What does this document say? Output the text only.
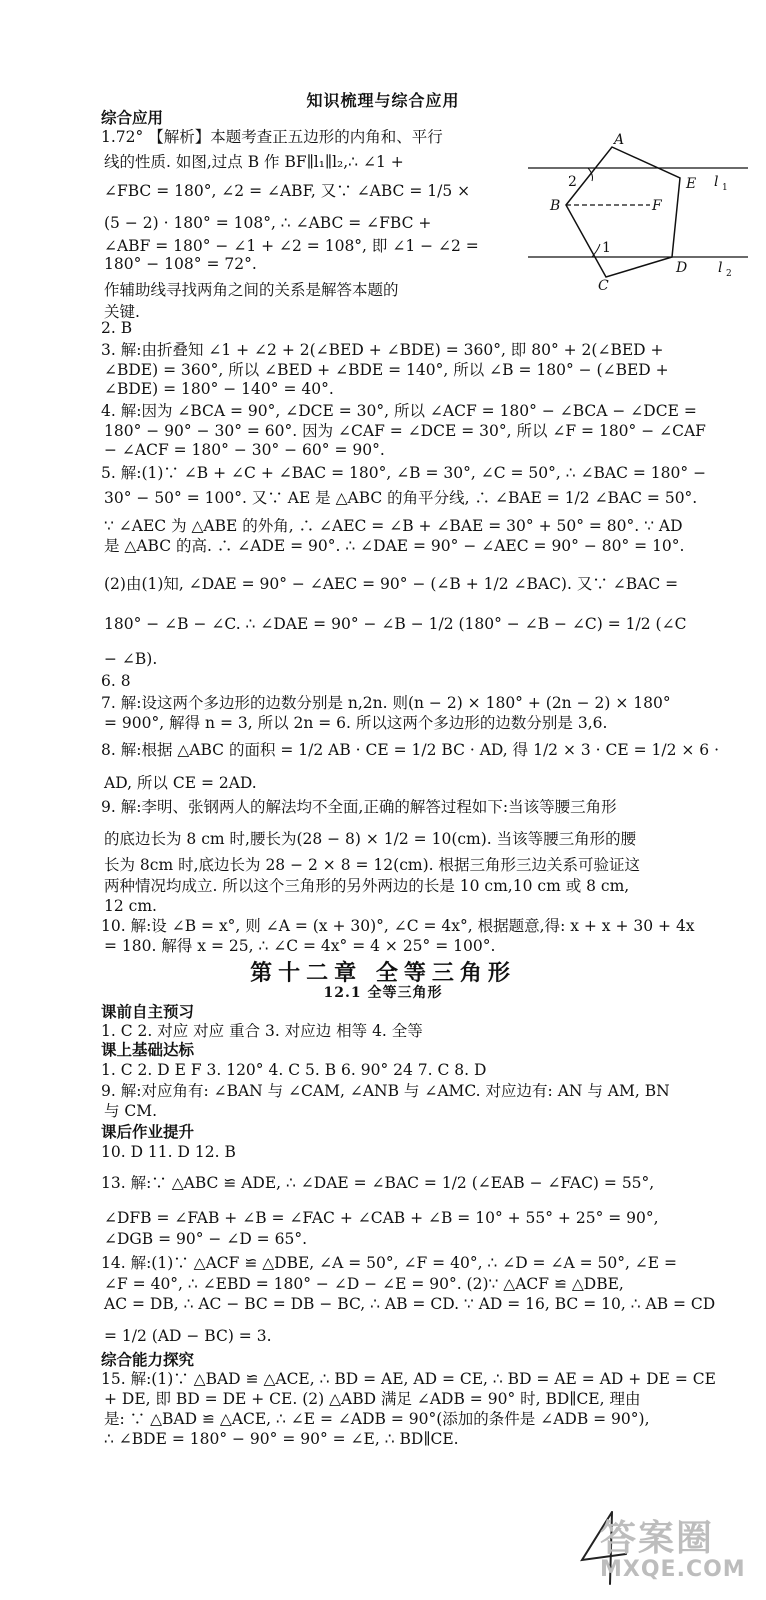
知识梳理与综合应用
综合应用
1.72° 【解析】本题考查正五边形的内角和、平行
线的性质. 如图,过点 B 作 BF∥l₁∥l₂,∴ ∠1 +
∠FBC = 180°, ∠2 = ∠ABF, 又∵ ∠ABC = 1/5 ×
(5 − 2) · 180° = 108°, ∴ ∠ABC = ∠FBC +
∠ABF = 180° − ∠1 + ∠2 = 108°, 即 ∠1 − ∠2 =
180° − 108° = 72°.
作辅助线寻找两角之间的关系是解答本题的
关键.
2. B
3. 解:由折叠知 ∠1 + ∠2 + 2(∠BED + ∠BDE) = 360°, 即 80° + 2(∠BED +
∠BDE) = 360°, 所以 ∠BED + ∠BDE = 140°, 所以 ∠B = 180° − (∠BED +
∠BDE) = 180° − 140° = 40°.
4. 解:因为 ∠BCA = 90°, ∠DCE = 30°, 所以 ∠ACF = 180° − ∠BCA − ∠DCE =
180° − 90° − 30° = 60°. 因为 ∠CAF = ∠DCE = 30°, 所以 ∠F = 180° − ∠CAF
− ∠ACF = 180° − 30° − 60° = 90°.
5. 解:(1)∵ ∠B + ∠C + ∠BAC = 180°, ∠B = 30°, ∠C = 50°, ∴ ∠BAC = 180° −
30° − 50° = 100°. 又∵ AE 是 △ABC 的角平分线, ∴ ∠BAE = 1/2 ∠BAC = 50°.
∵ ∠AEC 为 △ABE 的外角, ∴ ∠AEC = ∠B + ∠BAE = 30° + 50° = 80°. ∵ AD
是 △ABC 的高. ∴ ∠ADE = 90°. ∴ ∠DAE = 90° − ∠AEC = 90° − 80° = 10°.
(2)由(1)知, ∠DAE = 90° − ∠AEC = 90° − (∠B + 1/2 ∠BAC). 又∵ ∠BAC =
180° − ∠B − ∠C. ∴ ∠DAE = 90° − ∠B − 1/2 (180° − ∠B − ∠C) = 1/2 (∠C
− ∠B).
6. 8
7. 解:设这两个多边形的边数分别是 n,2n. 则(n − 2) × 180° + (2n − 2) × 180°
= 900°, 解得 n = 3, 所以 2n = 6. 所以这两个多边形的边数分别是 3,6.
8. 解:根据 △ABC 的面积 = 1/2 AB · CE = 1/2 BC · AD, 得 1/2 × 3 · CE = 1/2 × 6 ·
AD, 所以 CE = 2AD.
9. 解:李明、张钢两人的解法均不全面,正确的解答过程如下:当该等腰三角形
的底边长为 8 cm 时,腰长为(28 − 8) × 1/2 = 10(cm). 当该等腰三角形的腰
长为 8cm 时,底边长为 28 − 2 × 8 = 12(cm). 根据三角形三边关系可验证这
两种情况均成立. 所以这个三角形的另外两边的长是 10 cm,10 cm 或 8 cm,
12 cm.
10. 解:设 ∠B = x°, 则 ∠A = (x + 30)°, ∠C = 4x°, 根据题意,得: x + x + 30 + 4x
= 180. 解得 x = 25, ∴ ∠C = 4x° = 4 × 25° = 100°.
第十二章 全等三角形
12.1 全等三角形
课前自主预习
1. C 2. 对应 对应 重合 3. 对应边 相等 4. 全等
课上基础达标
1. C 2. D E F 3. 120° 4. C 5. B 6. 90° 24 7. C 8. D
9. 解:对应角有: ∠BAN 与 ∠CAM, ∠ANB 与 ∠AMC. 对应边有: AN 与 AM, BN
与 CM.
课后作业提升
10. D 11. D 12. B
13. 解:∵ △ABC ≌ ADE, ∴ ∠DAE = ∠BAC = 1/2 (∠EAB − ∠FAC) = 55°,
∠DFB = ∠FAB + ∠B = ∠FAC + ∠CAB + ∠B = 10° + 55° + 25° = 90°,
∠DGB = 90° − ∠D = 65°.
14. 解:(1)∵ △ACF ≌ △DBE, ∠A = 50°, ∠F = 40°, ∴ ∠D = ∠A = 50°, ∠E =
∠F = 40°, ∴ ∠EBD = 180° − ∠D − ∠E = 90°. (2)∵ △ACF ≌ △DBE,
AC = DB, ∴ AC − BC = DB − BC, ∴ AB = CD. ∵ AD = 16, BC = 10, ∴ AB = CD
= 1/2 (AD − BC) = 3.
综合能力探究
15. 解:(1)∵ △BAD ≌ △ACE, ∴ BD = AE, AD = CE, ∴ BD = AE = AD + DE = CE
+ DE, 即 BD = DE + CE. (2) △ABD 满足 ∠ADB = 90° 时, BD∥CE, 理由
是: ∵ △BAD ≌ △ACE, ∴ ∠E = ∠ADB = 90°(添加的条件是 ∠ADB = 90°),
∴ ∠BDE = 180° − 90° = 90° = ∠E, ∴ BD∥CE.
A
B
C
D
E
F
l 1
l 2
2
1
4
答案圈
MXQE.COM
